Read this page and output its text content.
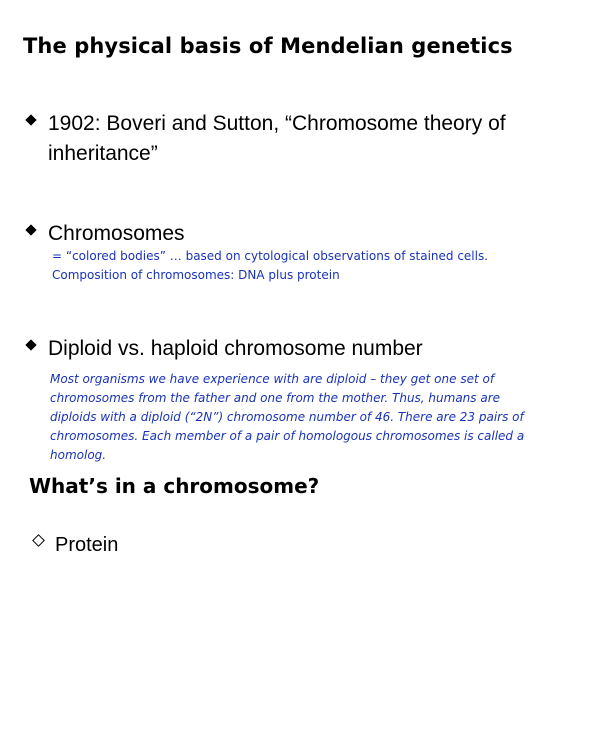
The physical basis of Mendelian genetics
1902: Boveri and Sutton, “Chromosome theory of
inheritance”
Chromosomes
= “colored bodies” … based on cytological observations of stained cells.
Composition of chromosomes: DNA plus protein
Diploid vs. haploid chromosome number
Most organisms we have experience with are diploid – they get one set of
chromosomes from the father and one from the mother. Thus, humans are
diploids with a diploid (“2N”) chromosome number of 46. There are 23 pairs of
chromosomes. Each member of a pair of homologous chromosomes is called a
homolog.
What’s in a chromosome?
Protein
